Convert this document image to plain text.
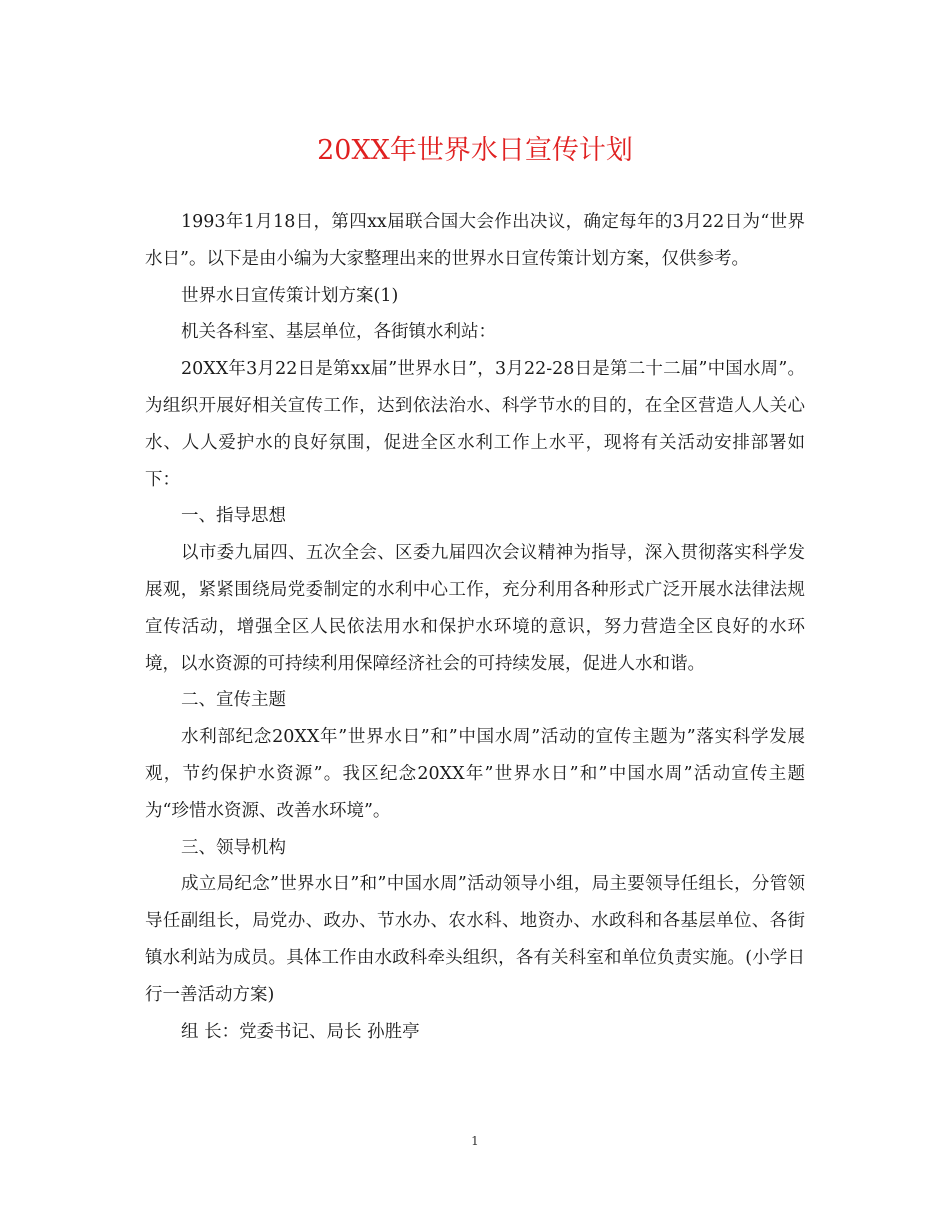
20XX年世界水日宣传计划

1993年1月18日，第四xx届联合国大会作出决议，确定每年的3月22日为“世界水日”。以下是由小编为大家整理出来的世界水日宣传策计划方案，仅供参考。

世界水日宣传策计划方案(1)

机关各科室、基层单位，各街镇水利站：

20XX年3月22日是第xx届”世界水日”，3月22-28日是第二十二届”中国水周”。为组织开展好相关宣传工作，达到依法治水、科学节水的目的，在全区营造人人关心水、人人爱护水的良好氛围，促进全区水利工作上水平，现将有关活动安排部署如下：

一、指导思想

以市委九届四、五次全会、区委九届四次会议精神为指导，深入贯彻落实科学发展观，紧紧围绕局党委制定的水利中心工作，充分利用各种形式广泛开展水法律法规宣传活动，增强全区人民依法用水和保护水环境的意识，努力营造全区良好的水环境，以水资源的可持续利用保障经济社会的可持续发展，促进人水和谐。

二、宣传主题

水利部纪念20XX年”世界水日”和”中国水周”活动的宣传主题为”落实科学发展观，节约保护水资源”。我区纪念20XX年”世界水日”和”中国水周”活动宣传主题为“珍惜水资源、改善水环境”。

三、领导机构

成立局纪念”世界水日”和”中国水周”活动领导小组，局主要领导任组长，分管领导任副组长，局党办、政办、节水办、农水科、地资办、水政科和各基层单位、各街镇水利站为成员。具体工作由水政科牵头组织，各有关科室和单位负责实施。(小学日行一善活动方案)

组 长：党委书记、局长 孙胜亭

1
